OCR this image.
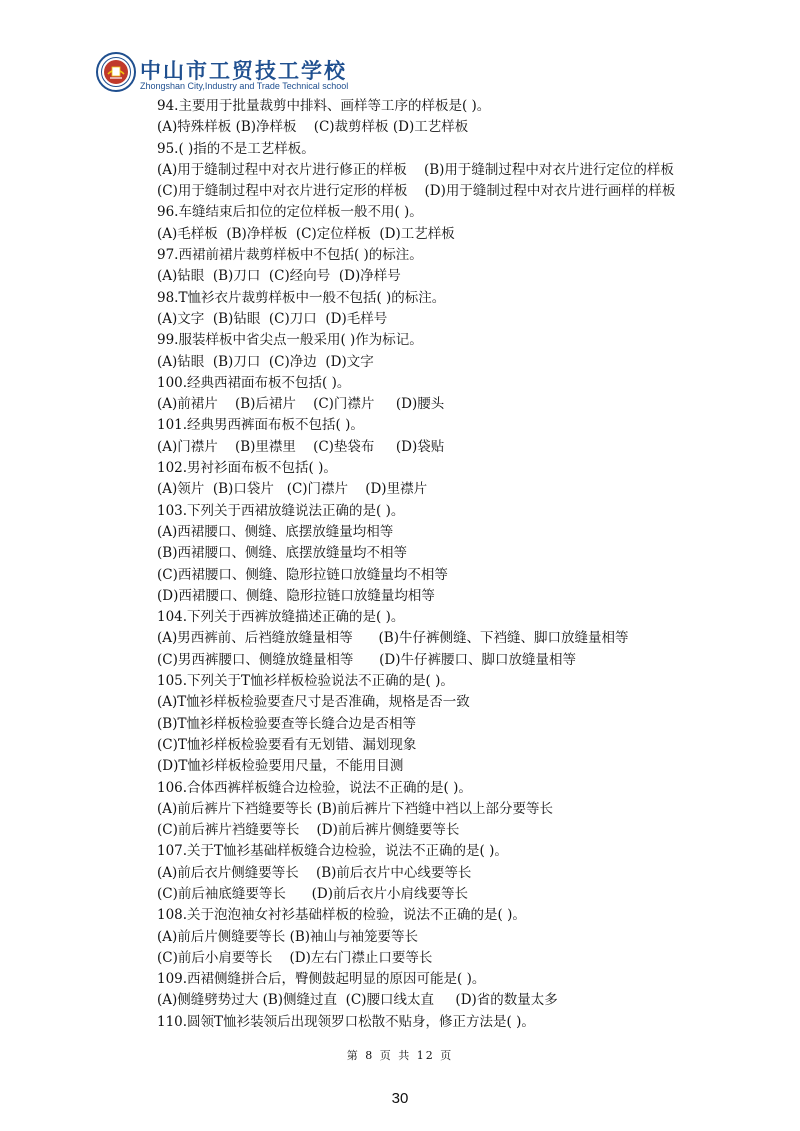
中山市工贸技工学校
Zhongshan City,Industry and Trade Technical school
94.主要用于批量裁剪中排料、画样等工序的样板是( )。
(A)特殊样板 (B)净样板    (C)裁剪样板 (D)工艺样板
95.( )指的不是工艺样板。
(A)用于缝制过程中对衣片进行修正的样板    (B)用于缝制过程中对衣片进行定位的样板
(C)用于缝制过程中对衣片进行定形的样板    (D)用于缝制过程中对衣片进行画样的样板
96.车缝结束后扣位的定位样板一般不用( )。
(A)毛样板  (B)净样板  (C)定位样板  (D)工艺样板
97.西裙前裙片裁剪样板中不包括( )的标注。
(A)钻眼  (B)刀口  (C)经向号  (D)净样号
98.T恤衫衣片裁剪样板中一般不包括( )的标注。
(A)文字  (B)钻眼  (C)刀口  (D)毛样号
99.服装样板中省尖点一般采用( )作为标记。
(A)钻眼  (B)刀口  (C)净边  (D)文字
100.经典西裙面布板不包括( )。
(A)前裙片    (B)后裙片    (C)门襟片     (D)腰头
101.经典男西裤面布板不包括( )。
(A)门襟片    (B)里襟里    (C)垫袋布     (D)袋贴
102.男衬衫面布板不包括( )。
(A)领片  (B)口袋片   (C)门襟片    (D)里襟片
103.下列关于西裙放缝说法正确的是( )。
(A)西裙腰口、侧缝、底摆放缝量均相等
(B)西裙腰口、侧缝、底摆放缝量均不相等
(C)西裙腰口、侧缝、隐形拉链口放缝量均不相等
(D)西裙腰口、侧缝、隐形拉链口放缝量均相等
104.下列关于西裤放缝描述正确的是( )。
(A)男西裤前、后裆缝放缝量相等      (B)牛仔裤侧缝、下裆缝、脚口放缝量相等
(C)男西裤腰口、侧缝放缝量相等      (D)牛仔裤腰口、脚口放缝量相等
105.下列关于T恤衫样板检验说法不正确的是( )。
(A)T恤衫样板检验要查尺寸是否准确，规格是否一致
(B)T恤衫样板检验要查等长缝合边是否相等
(C)T恤衫样板检验要看有无划错、漏划现象
(D)T恤衫样板检验要用尺量，不能用目测
106.合体西裤样板缝合边检验，说法不正确的是( )。
(A)前后裤片下裆缝要等长 (B)前后裤片下裆缝中裆以上部分要等长
(C)前后裤片裆缝要等长    (D)前后裤片侧缝要等长
107.关于T恤衫基础样板缝合边检验，说法不正确的是( )。
(A)前后衣片侧缝要等长    (B)前后衣片中心线要等长
(C)前后袖底缝要等长      (D)前后衣片小肩线要等长
108.关于泡泡袖女衬衫基础样板的检验，说法不正确的是( )。
(A)前后片侧缝要等长 (B)袖山与袖笼要等长
(C)前后小肩要等长    (D)左右门襟止口要等长
109.西裙侧缝拼合后，臀侧鼓起明显的原因可能是( )。
(A)侧缝劈势过大 (B)侧缝过直  (C)腰口线太直     (D)省的数量太多
110.圆领T恤衫装领后出现领罗口松散不贴身，修正方法是( )。
第 8 页 共 12 页
30
